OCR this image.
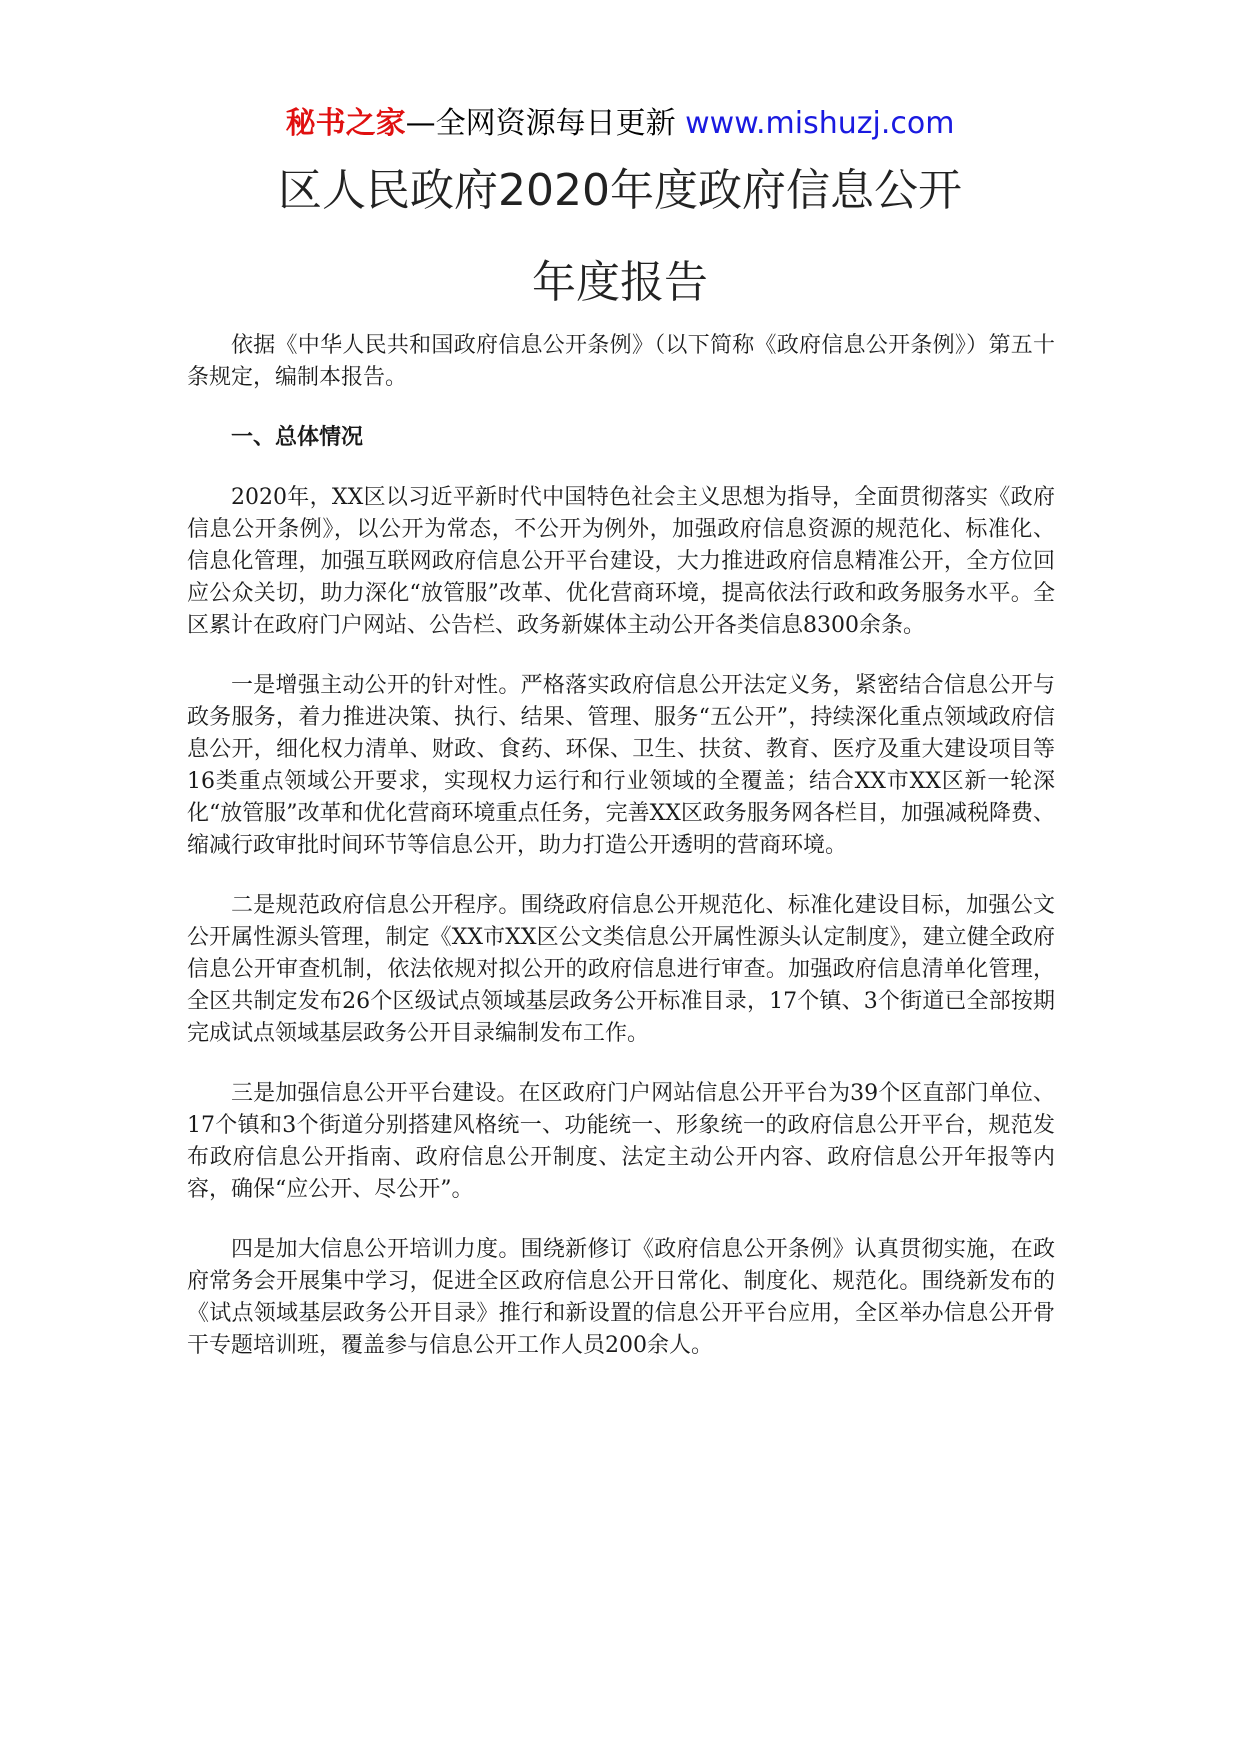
秘书之家—全网资源每日更新 www.mishuzj.com
区人民政府2020年度政府信息公开
年度报告

依据《中华人民共和国政府信息公开条例》（以下简称《政府信息公开条例》）第五十条规定，编制本报告。

一、总体情况

2020年，XX区以习近平新时代中国特色社会主义思想为指导，全面贯彻落实《政府信息公开条例》，以公开为常态，不公开为例外，加强政府信息资源的规范化、标准化、信息化管理，加强互联网政府信息公开平台建设，大力推进政府信息精准公开，全方位回应公众关切，助力深化“放管服”改革、优化营商环境，提高依法行政和政务服务水平。全区累计在政府门户网站、公告栏、政务新媒体主动公开各类信息8300余条。

一是增强主动公开的针对性。严格落实政府信息公开法定义务，紧密结合信息公开与政务服务，着力推进决策、执行、结果、管理、服务“五公开”，持续深化重点领域政府信息公开，细化权力清单、财政、食药、环保、卫生、扶贫、教育、医疗及重大建设项目等16类重点领域公开要求，实现权力运行和行业领域的全覆盖；结合XX市XX区新一轮深化“放管服”改革和优化营商环境重点任务，完善XX区政务服务网各栏目，加强减税降费、缩减行政审批时间环节等信息公开，助力打造公开透明的营商环境。

二是规范政府信息公开程序。围绕政府信息公开规范化、标准化建设目标，加强公文公开属性源头管理，制定《XX市XX区公文类信息公开属性源头认定制度》，建立健全政府信息公开审查机制，依法依规对拟公开的政府信息进行审查。加强政府信息清单化管理，全区共制定发布26个区级试点领域基层政务公开标准目录，17个镇、3个街道已全部按期完成试点领域基层政务公开目录编制发布工作。

三是加强信息公开平台建设。在区政府门户网站信息公开平台为39个区直部门单位、17个镇和3个街道分别搭建风格统一、功能统一、形象统一的政府信息公开平台，规范发布政府信息公开指南、政府信息公开制度、法定主动公开内容、政府信息公开年报等内容，确保“应公开、尽公开”。

四是加大信息公开培训力度。围绕新修订《政府信息公开条例》认真贯彻实施，在政府常务会开展集中学习，促进全区政府信息公开日常化、制度化、规范化。围绕新发布的《试点领域基层政务公开目录》推行和新设置的信息公开平台应用，全区举办信息公开骨干专题培训班，覆盖参与信息公开工作人员200余人。
